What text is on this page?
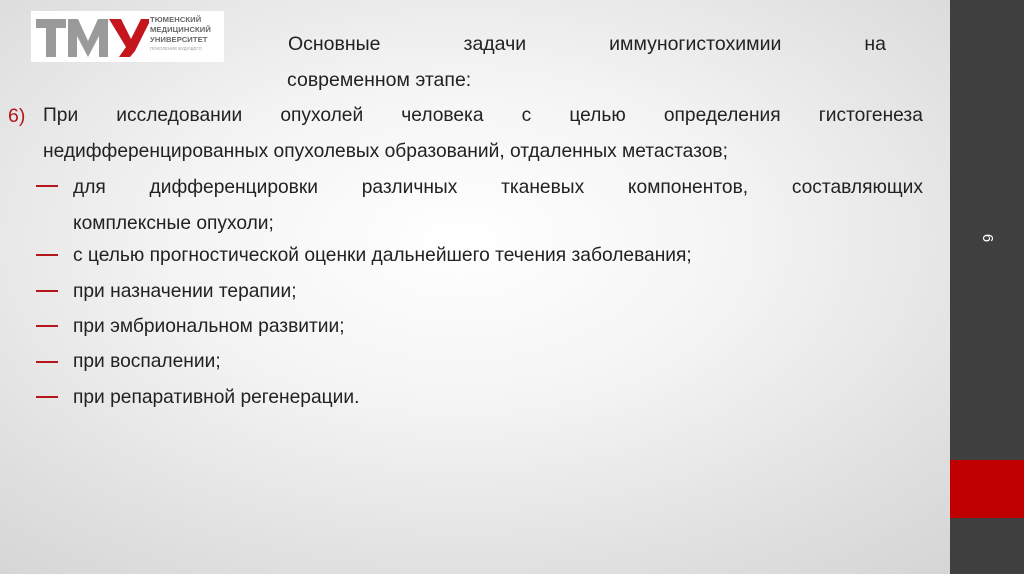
ТЮМЕНСКИЙ
МЕДИЦИНСКИЙ
УНИВЕРСИТЕТ
ПОКОЛЕНИЕ БУДУЩЕГО	Основные	задачи	иммуногистохимии	на
современном этапе:
6) При исследовании опухолей человека с целью определения гистогенеза
недифференцированных опухолевых образований, отдаленных метастазов;
для дифференцировки различных тканевых компонентов, составляющих
комплексные опухоли;
с целью прогностической оценки дальнейшего течения заболевания;
при назначении терапии;
при эмбриональном развитии;
при воспалении;
при репаративной регенерации.
6
